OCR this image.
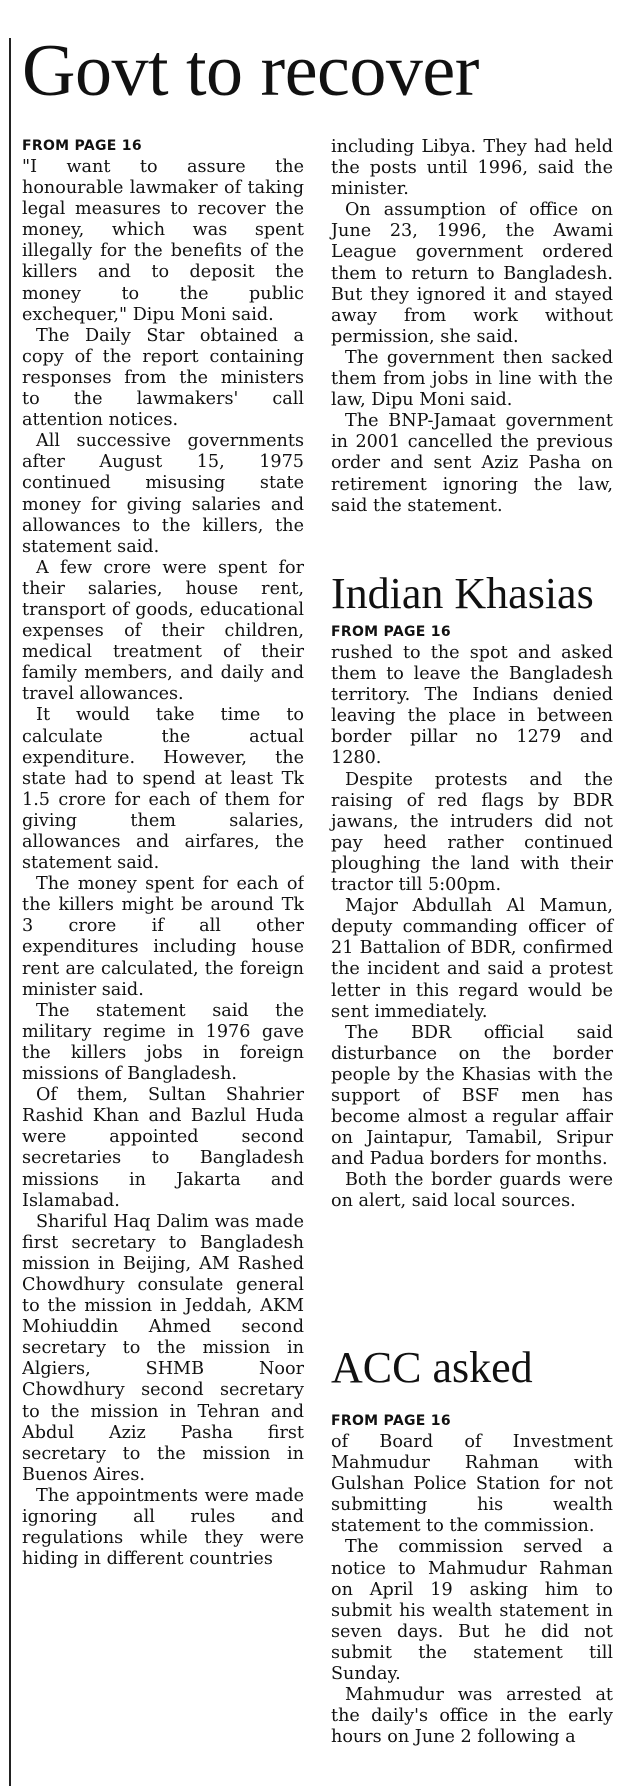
Govt to recover
FROM PAGE 16

"I want to assure the honourable lawmaker of taking legal measures to recover the money, which was spent illegally for the benefits of the killers and to deposit the money to the public exchequer," Dipu Moni said.

The Daily Star obtained a copy of the report containing responses from the ministers to the lawmakers' call attention notices.

All successive governments after August 15, 1975 continued misusing state money for giving salaries and allowances to the killers, the statement said.

A few crore were spent for their salaries, house rent, transport of goods, educational expenses of their children, medical treatment of their family members, and daily and travel allowances.

It would take time to calculate the actual expenditure. However, the state had to spend at least Tk 1.5 crore for each of them for giving them salaries, allowances and airfares, the statement said.

The money spent for each of the killers might be around Tk 3 crore if all other expenditures including house rent are calculated, the foreign minister said.

The statement said the military regime in 1976 gave the killers jobs in foreign missions of Bangladesh.

Of them, Sultan Shahrier Rashid Khan and Bazlul Huda were appointed second secretaries to Bangladesh missions in Jakarta and Islamabad.

Shariful Haq Dalim was made first secretary to Bangladesh mission in Beijing, AM Rashed Chowdhury consulate general to the mission in Jeddah, AKM Mohiuddin Ahmed second secretary to the mission in Algiers, SHMB Noor Chowdhury second secretary to the mission in Tehran and Abdul Aziz Pasha first secretary to the mission in Buenos Aires.

The appointments were made ignoring all rules and regulations while they were hiding in different countries

including Libya. They had held the posts until 1996, said the minister.

On assumption of office on June 23, 1996, the Awami League government ordered them to return to Bangladesh. But they ignored it and stayed away from work without permission, she said.

The government then sacked them from jobs in line with the law, Dipu Moni said.

The BNP-Jamaat government in 2001 cancelled the previous order and sent Aziz Pasha on retirement ignoring the law, said the statement.

Indian Khasias
FROM PAGE 16

rushed to the spot and asked them to leave the Bangladesh territory. The Indians denied leaving the place in between border pillar no 1279 and 1280.

Despite protests and the raising of red flags by BDR jawans, the intruders did not pay heed rather continued ploughing the land with their tractor till 5:00pm.

Major Abdullah Al Mamun, deputy commanding officer of 21 Battalion of BDR, confirmed the incident and said a protest letter in this regard would be sent immediately.

The BDR official said disturbance on the border people by the Khasias with the support of BSF men has become almost a regular affair on Jaintapur, Tamabil, Sripur and Padua borders for months.

Both the border guards were on alert, said local sources.

ACC asked
FROM PAGE 16

of Board of Investment Mahmudur Rahman with Gulshan Police Station for not submitting his wealth statement to the commission.

The commission served a notice to Mahmudur Rahman on April 19 asking him to submit his wealth statement in seven days. But he did not submit the statement till Sunday.

Mahmudur was arrested at the daily's office in the early hours on June 2 following a
